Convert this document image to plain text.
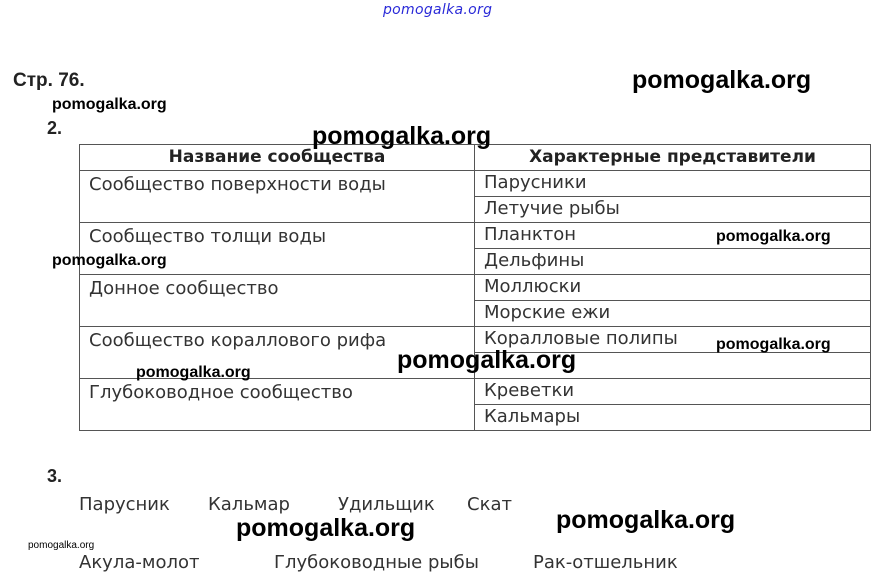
pomogalka.org
Стр. 76.	pomogalka.org
pomogalka.org
2.
Название сообщества	Характерные представители
Сообщество поверхности воды	Парусники
	Летучие рыбы
Сообщество толщи воды	Планктон
	Дельфины
Донное сообщество	Моллюски
	Морские ежи
Сообщество кораллового рифа	Коралловые полипы

Глубоководное сообщество	Креветки
	Кальмары
pomogalka.org
pomogalka.org
pomogalka.org
pomogalka.org
pomogalka.org
pomogalka.org
3.
Парусник Кальмар	Удильщик Скат
pomogalka.org	pomogalka.org
pomogalka.org
Акула-молот	Глубоководные рыбы	Рак-отшельник
